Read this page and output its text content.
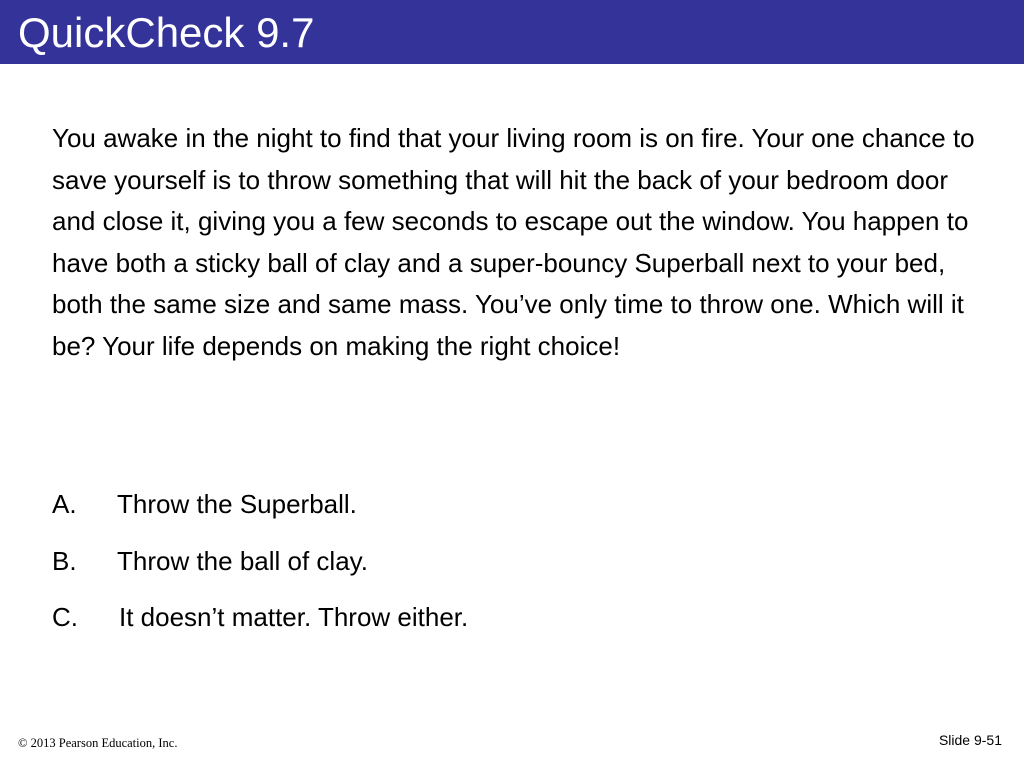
QuickCheck 9.7

You awake in the night to find that your living room is on fire. Your one chance to save yourself is to throw something that will hit the back of your bedroom door and close it, giving you a few seconds to escape out the window. You happen to have both a sticky ball of clay and a super-bouncy Superball next to your bed, both the same size and same mass. You’ve only time to throw one. Which will it be? Your life depends on making the right choice!

A. Throw the Superball.
B. Throw the ball of clay.
C. It doesn’t matter. Throw either.
© 2013 Pearson Education, Inc.	Slide 9-51
